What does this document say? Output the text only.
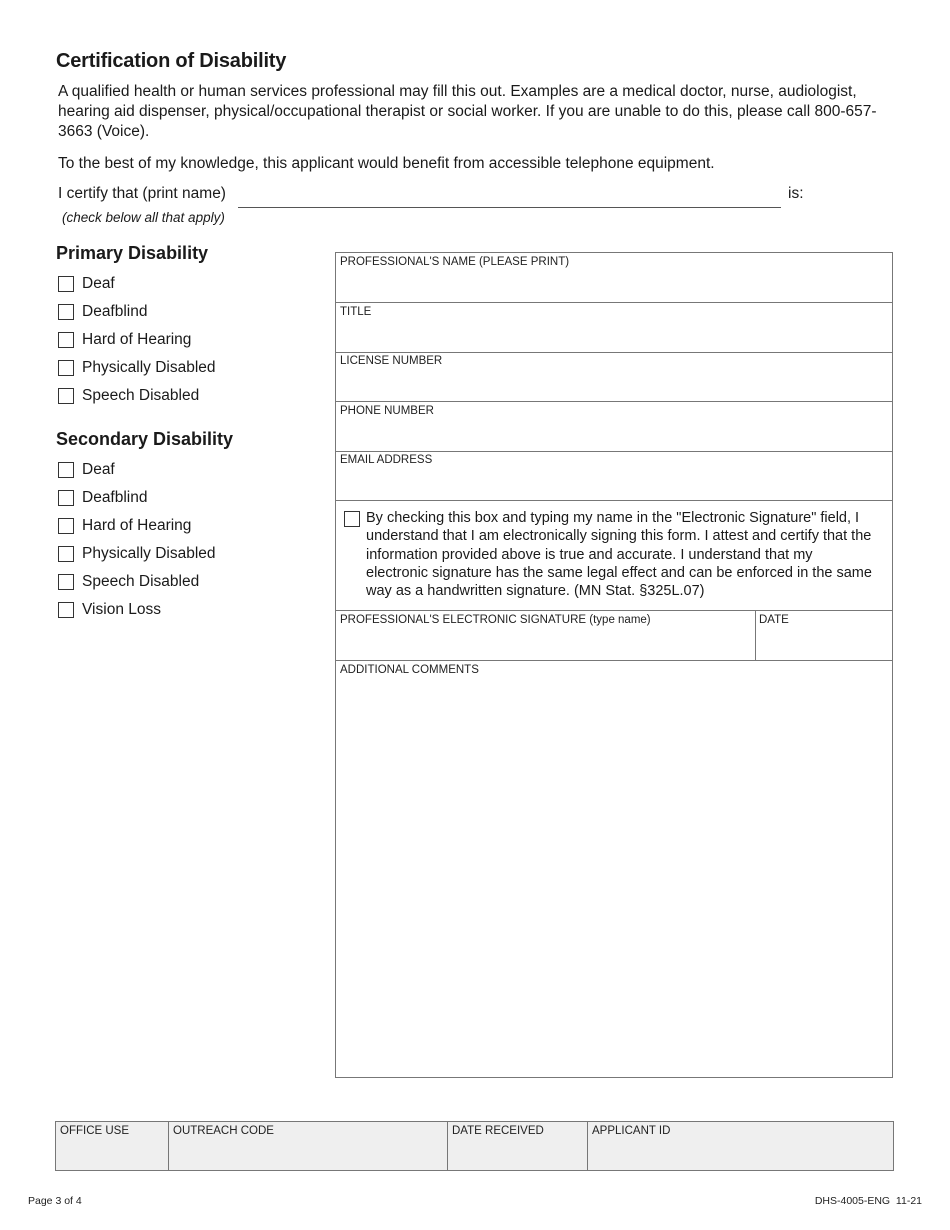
Certification of Disability

A qualified health or human services professional may fill this out. Examples are a medical doctor, nurse, audiologist, hearing aid dispenser, physical/occupational therapist or social worker. If you are unable to do this, please call 800-657-3663 (Voice).

To the best of my knowledge, this applicant would benefit from accessible telephone equipment.

I certify that (print name)	is:
(check below all that apply)
Primary Disability
Deaf
Deafblind
Hard of Hearing
Physically Disabled
Speech Disabled
Secondary Disability
Deaf
Deafblind
Hard of Hearing
Physically Disabled
Speech Disabled
Vision Loss
PROFESSIONAL'S NAME (PLEASE PRINT)
TITLE
LICENSE NUMBER
PHONE NUMBER
EMAIL ADDRESS
By checking this box and typing my name in the "Electronic Signature" field, I understand that I am electronically signing this form. I attest and certify that the information provided above is true and accurate. I understand that my electronic signature has the same legal effect and can be enforced in the same way as a handwritten signature. (MN Stat. §325L.07)
PROFESSIONAL'S ELECTRONIC SIGNATURE (type name)	DATE
ADDITIONAL COMMENTS
OFFICE USE	OUTREACH CODE	DATE RECEIVED	APPLICANT ID
Page 3 of 4	DHS-4005-ENG  11-21
